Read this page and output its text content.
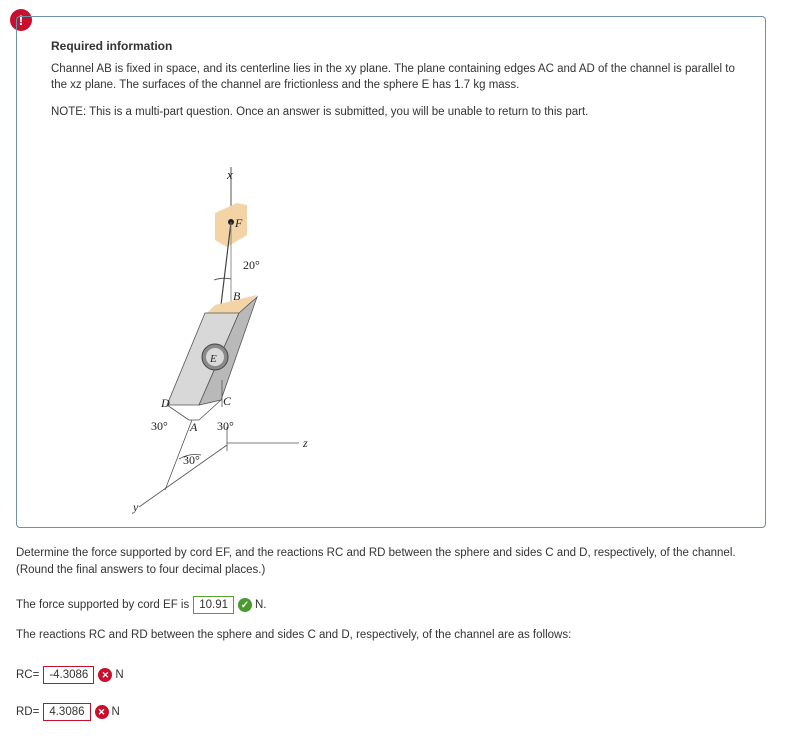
!
Required information
Channel AB is fixed in space, and its centerline lies in the xy plane. The plane containing edges AC and AD of the channel is parallel to the xz plane. The surfaces of the channel are frictionless and the sphere E has 1.7 kg mass.
NOTE: This is a multi-part question. Once an answer is submitted, you will be unable to return to this part.
x
F
B
E
C
D
A
z
y
20°
30°	30°
30°
Determine the force supported by cord EF, and the reactions RC and RD between the sphere and sides C and D, respectively, of the channel. (Round the final answers to four decimal places.)
The force supported by cord EF is 10.91	✓ N.
The reactions RC and RD between the sphere and sides C and D, respectively, of the channel are as follows:
RC= -4.3086	✕ N
RD= 4.3086	✕ N
